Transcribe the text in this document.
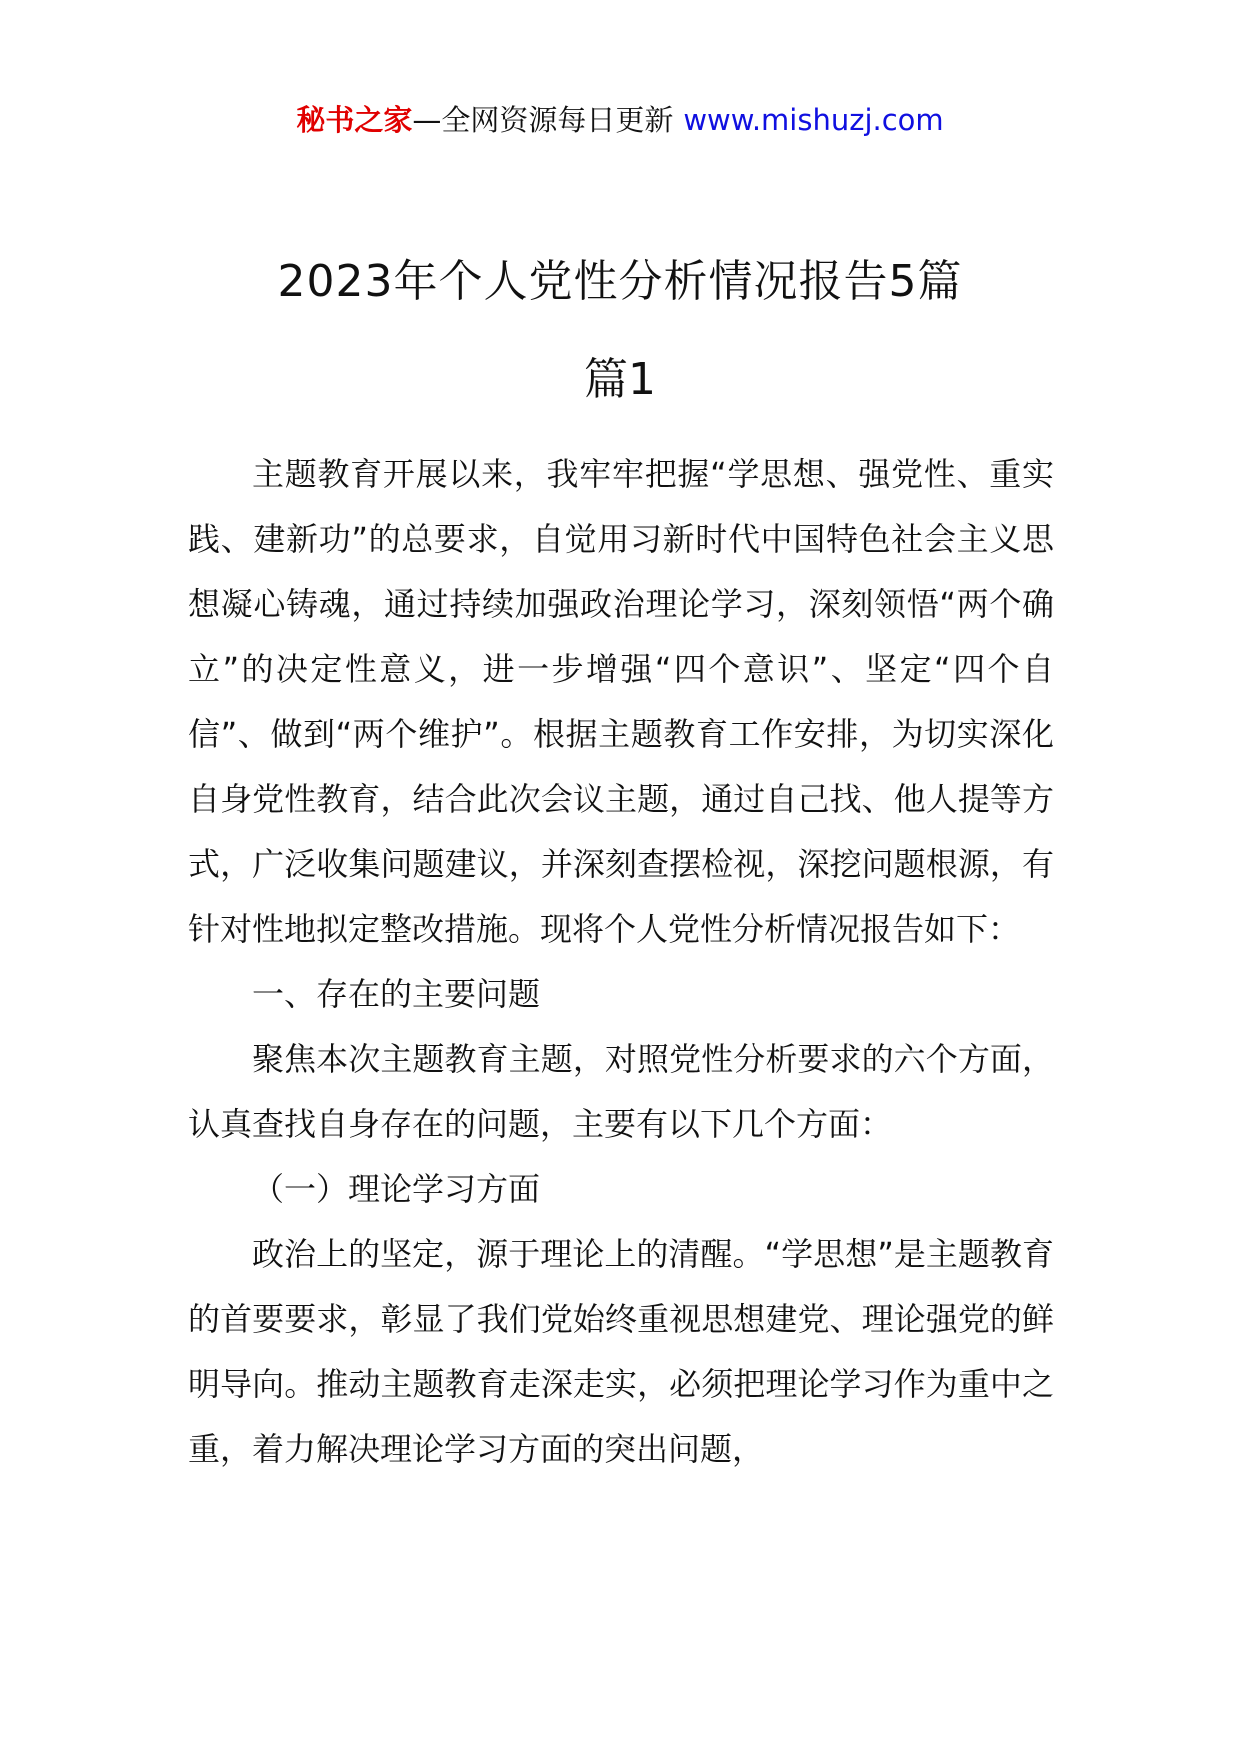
秘书之家—全网资源每日更新 www.mishuzj.com
2023年个人党性分析情况报告5篇
篇1

主题教育开展以来，我牢牢把握“学思想、强党性、重实践、建新功”的总要求，自觉用习新时代中国特色社会主义思想凝心铸魂，通过持续加强政治理论学习，深刻领悟“两个确立”的决定性意义，进一步增强“四个意识”、坚定“四个自信”、做到“两个维护”。根据主题教育工作安排，为切实深化自身党性教育，结合此次会议主题，通过自己找、他人提等方式，广泛收集问题建议，并深刻查摆检视，深挖问题根源，有针对性地拟定整改措施。现将个人党性分析情况报告如下：

一、存在的主要问题

聚焦本次主题教育主题，对照党性分析要求的六个方面，认真查找自身存在的问题，主要有以下几个方面：

（一）理论学习方面

政治上的坚定，源于理论上的清醒。“学思想”是主题教育的首要要求，彰显了我们党始终重视思想建党、理论强党的鲜明导向。推动主题教育走深走实，必须把理论学习作为重中之重，着力解决理论学习方面的突出问题，
